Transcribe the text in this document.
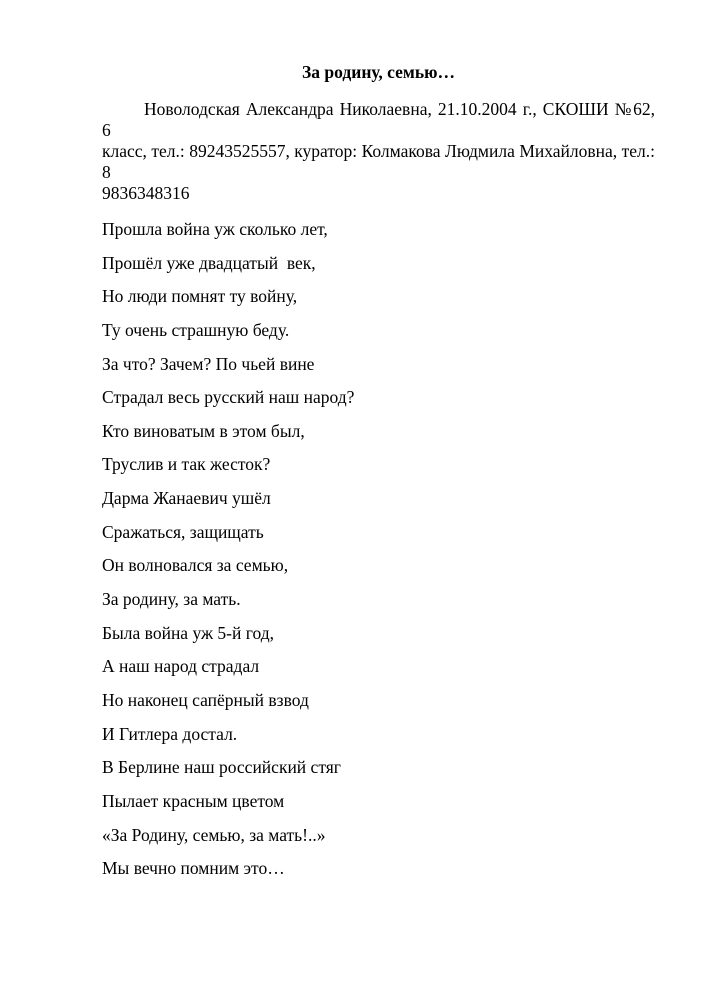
За родину, семью…
Новолодская Александра Николаевна, 21.10.2004 г., СКОШИ №62, 6
класс, тел.: 89243525557, куратор: Колмакова Людмила Михайловна, тел.: 8
9836348316
Прошла война уж сколько лет,
Прошёл уже двадцатый  век,
Но люди помнят ту войну,
Ту очень страшную беду.
За что? Зачем? По чьей вине
Страдал весь русский наш народ?
Кто виноватым в этом был,
Труслив и так жесток?
Дарма Жанаевич ушёл
Сражаться, защищать
Он волновался за семью,
За родину, за мать.
Была война уж 5-й год,
А наш народ страдал
Но наконец сапёрный взвод
И Гитлера достал.
В Берлине наш российский стяг
Пылает красным цветом
«За Родину, семью, за мать!..»
Мы вечно помним это…
